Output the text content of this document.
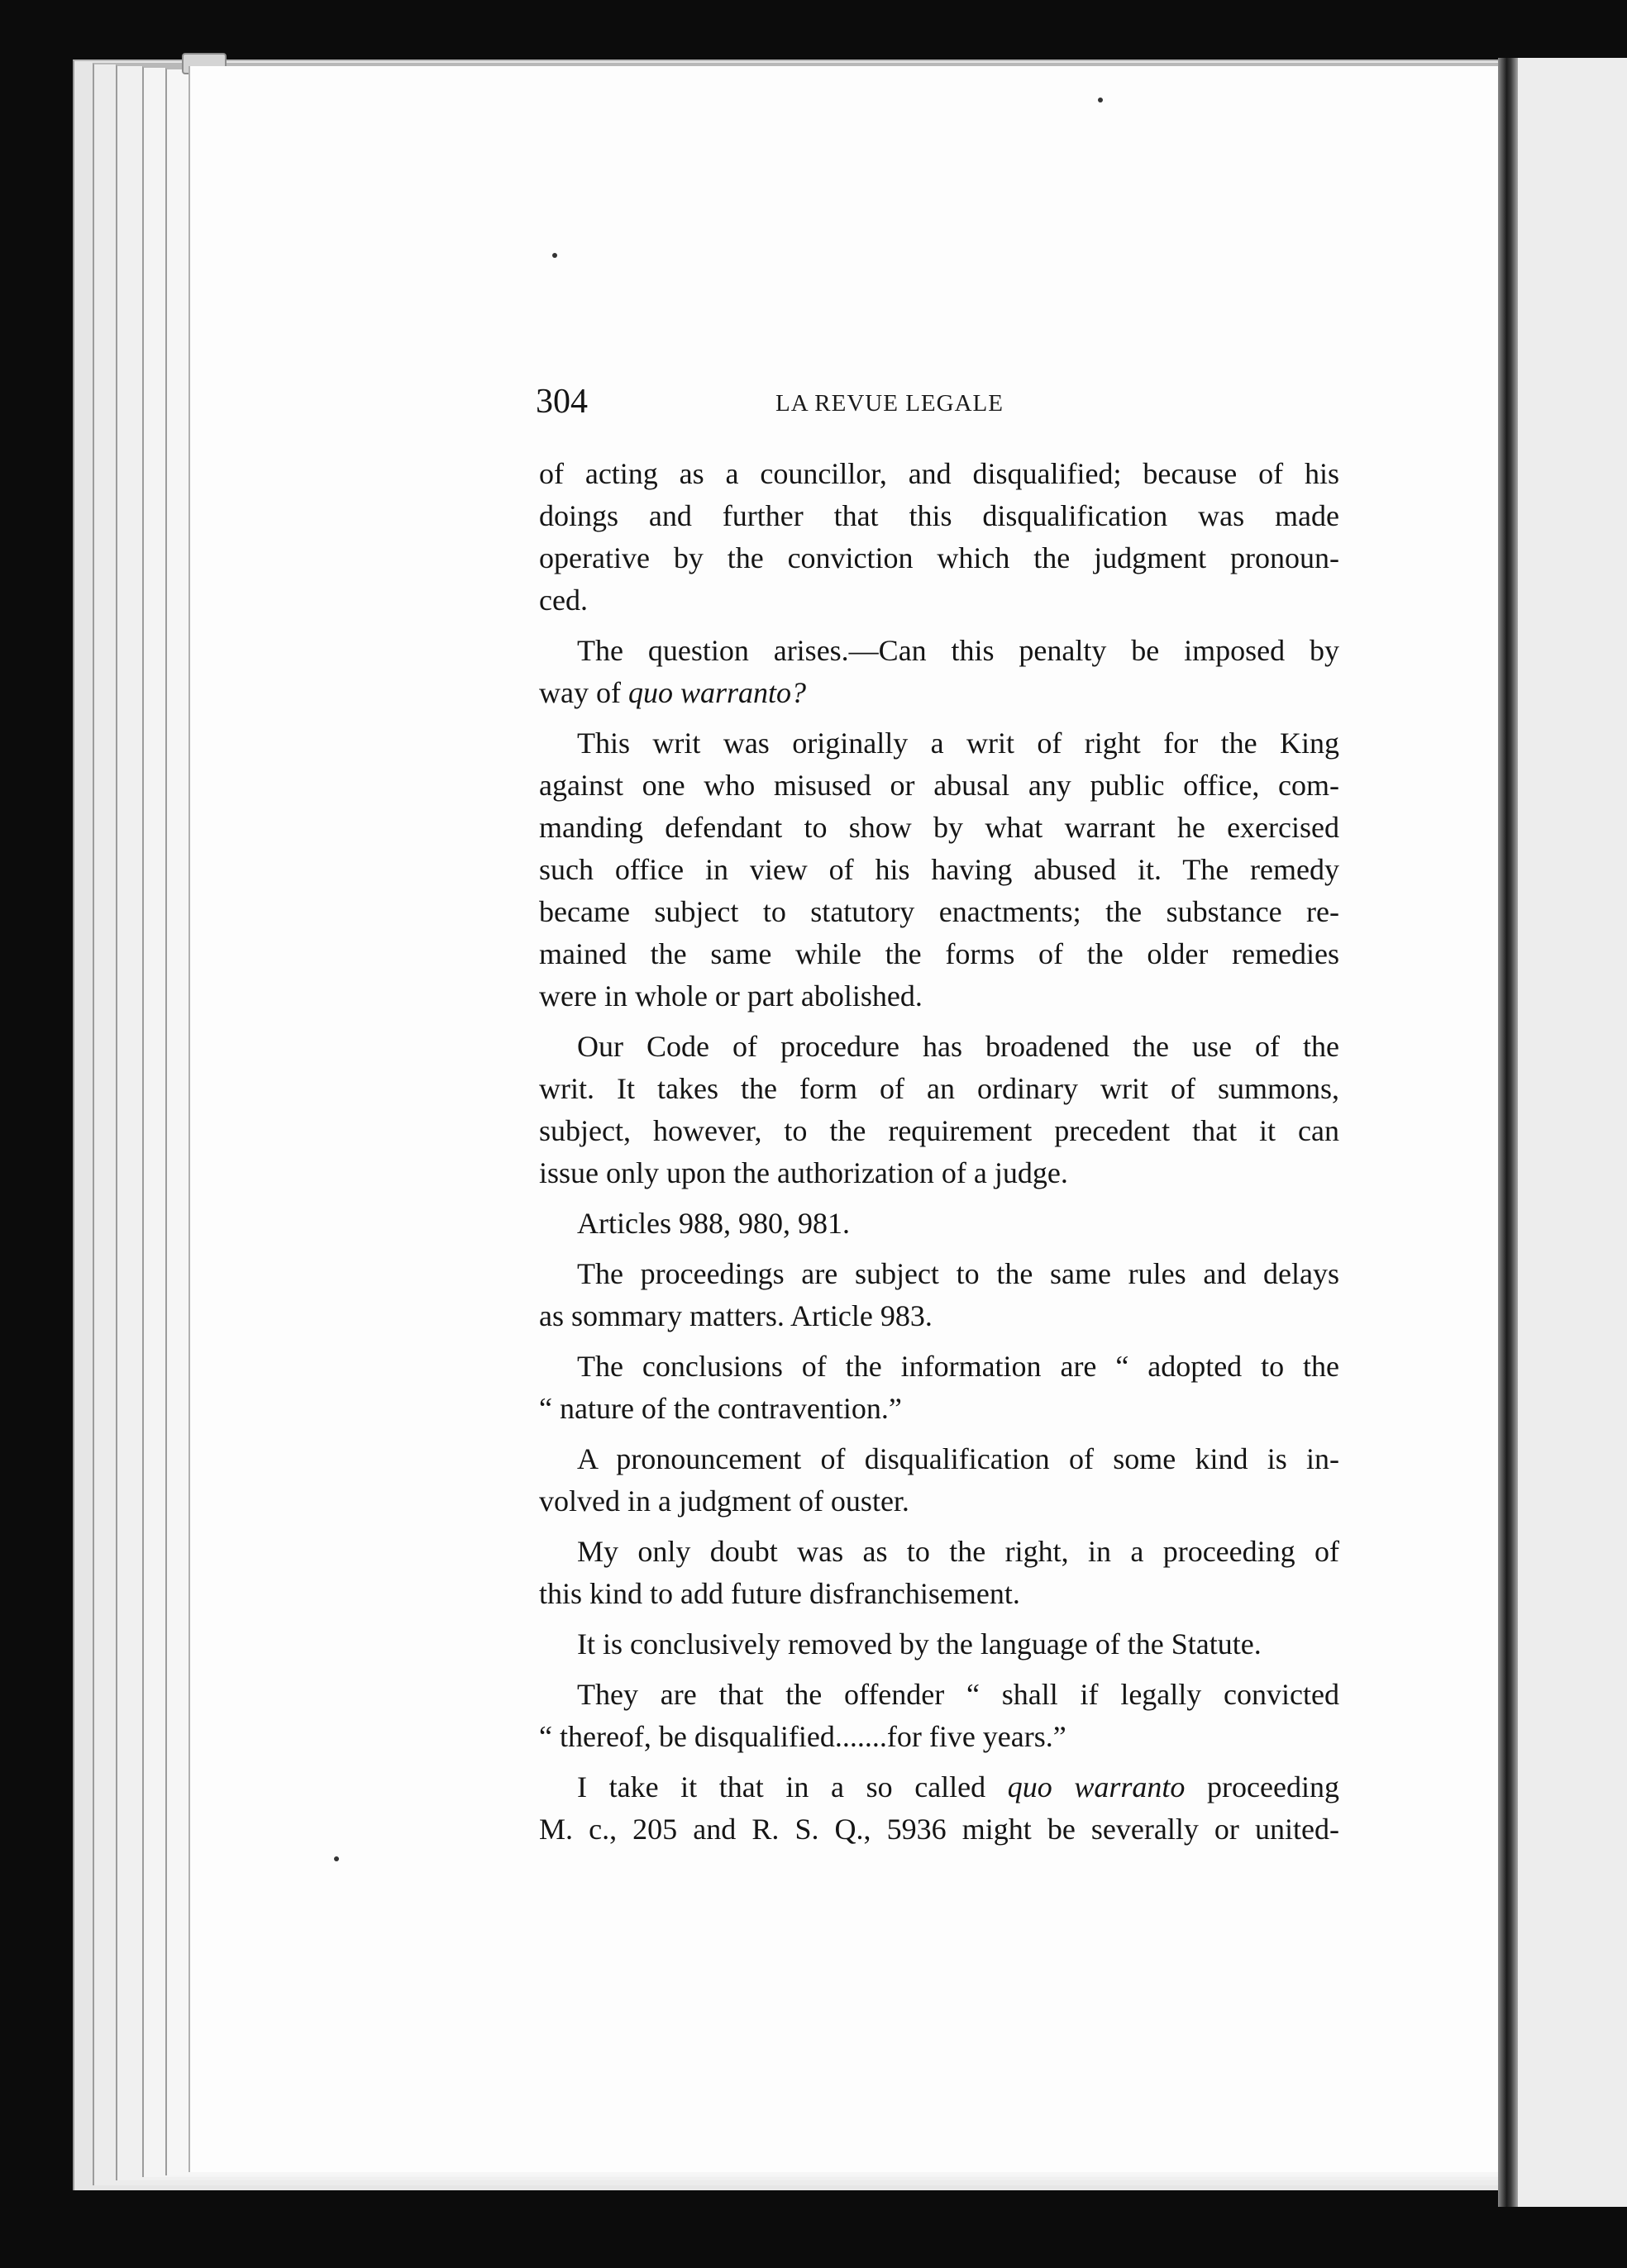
304	LA REVUE LEGALE

of acting as a councillor, and disqualified; because of his
doings and further that this disqualification was made
operative by the conviction which the judgment pronoun-
ced.

The question arises.—Can this penalty be imposed by
way of quo warranto?

This writ was originally a writ of right for the King
against one who misused or abusal any public office, com-
manding defendant to show by what warrant he exercised
such office in view of his having abused it. The remedy
became subject to statutory enactments; the substance re-
mained the same while the forms of the older remedies
were in whole or part abolished.

Our Code of procedure has broadened the use of the
writ. It takes the form of an ordinary writ of summons,
subject, however, to the requirement precedent that it can
issue only upon the authorization of a judge.

Articles 988, 980, 981.

The proceedings are subject to the same rules and delays
as sommary matters. Article 983.

The conclusions of the information are “ adopted to the
“ nature of the contravention.”

A pronouncement of disqualification of some kind is in-
volved in a judgment of ouster.

My only doubt was as to the right, in a proceeding of
this kind to add future disfranchisement.

It is conclusively removed by the language of the Statute.

They are that the offender “ shall if legally convicted
“ thereof, be disqualified.......for five years.”

I take it that in a so called quo warranto proceeding
M. c., 205 and R. S. Q., 5936 might be severally or united-
